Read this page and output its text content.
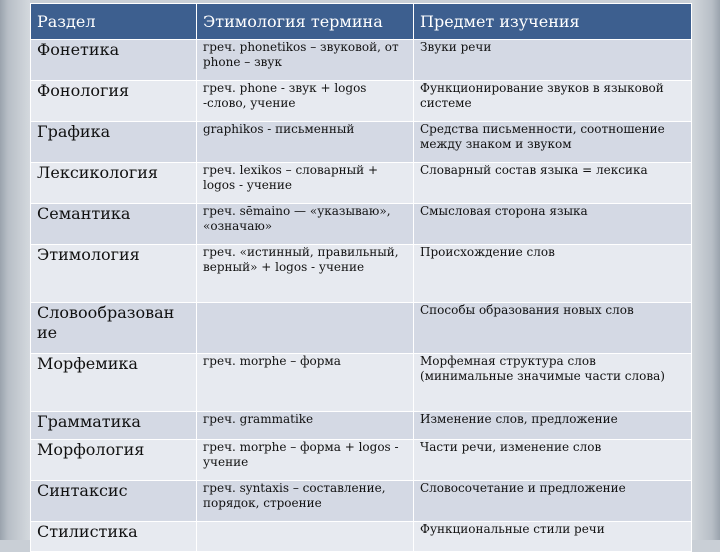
Раздел	Этимология термина	Предмет изучения
Фонетика	греч. phonetikos – звуковой, от phone – звук	Звуки речи
Фонология	греч. phone - звук + logos -слово, учение	Функционирование звуков в языковой системе
Графика	graphikos - письменный	Средства письменности, соотношение между знаком и звуком
Лексикология	греч. lexikos – словарный + logos - учение	Словарный состав языка = лексика
Семантика	греч. sēmaino — «указываю», «означаю»	Смысловая сторона языка
Этимология	греч. «истинный, правильный, верный» + logos - учение	Происхождение слов
Словообразован ие		Способы образования новых слов
Морфемика	греч. morphe – форма	Морфемная структура слов (минимальные значимые части слова)
Грамматика	греч. grammatike	Изменение слов, предложение
Морфология	греч. morphe – форма + logos - учение	Части речи, изменение слов
Синтаксис	греч. syntaxis – составление, порядок, строение	Словосочетание и предложение
Стилистика		Функциональные стили речи
